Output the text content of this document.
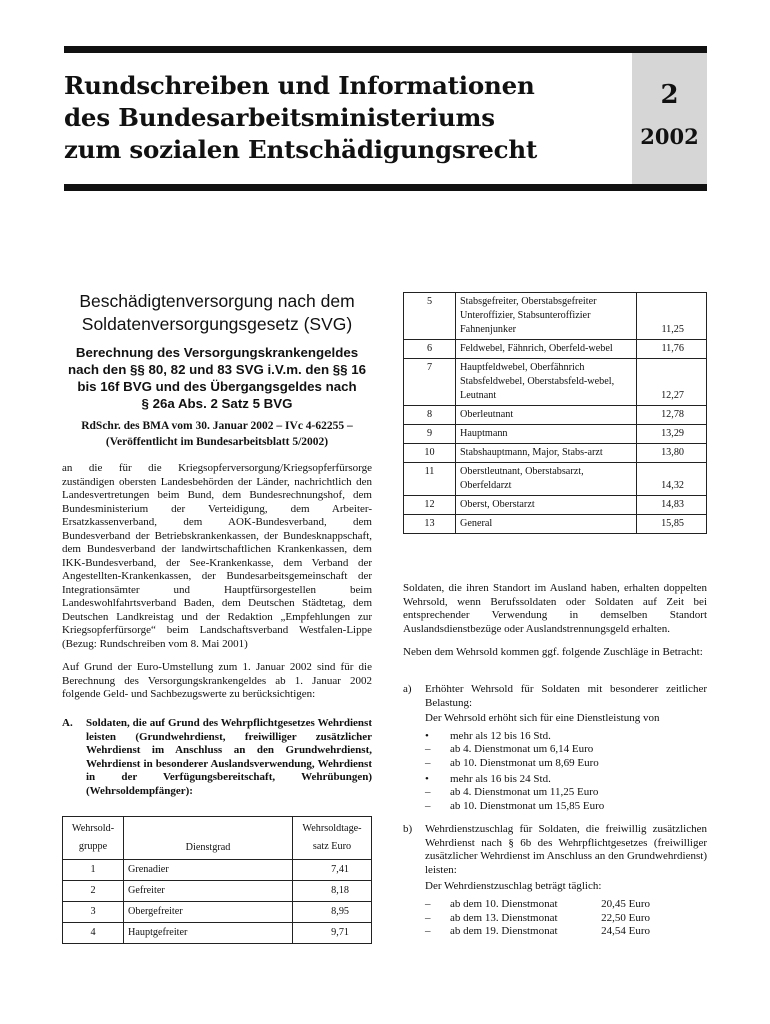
Rundschreiben und Informationen
des Bundesarbeitsministeriums
zum sozialen Entschädigungsrecht
2
2002
Beschädigtenversorgung nach dem
Soldatenversorgungsgesetz (SVG)
Berechnung des Versorgungskrankengeldes
nach den §§ 80, 82 und 83 SVG i.V.m. den §§ 16
bis 16f BVG und des Übergangsgeldes nach
§ 26a Abs. 2 Satz 5 BVG
RdSchr. des BMA vom 30. Januar 2002 – IVc 4-62255 –
(Veröffentlicht im Bundesarbeitsblatt 5/2002)
an die für die Kriegsopferversorgung/Kriegsopferfürsorge zuständigen obersten Landesbehörden der Länder, nachrichtlich den Landesvertretungen beim Bund, dem Bundesrechnungshof, dem Bundesministerium der Verteidigung, dem Arbeiter-Ersatzkassenverband, dem AOK-Bundesverband, dem Bundesverband der Betriebskrankenkassen, der Bundesknappschaft, dem Bundesverband der landwirtschaftlichen Krankenkassen, dem IKK-Bundesverband, der See-Krankenkasse, dem Verband der Angestellten-Krankenkassen, der Bundesarbeitsgemeinschaft der Integrationsämter und Hauptfürsorgestellen beim Landeswohlfahrtsverband Baden, dem Deutschen Städtetag, dem Deutschen Landkreistag und der Redaktion „Empfehlungen zur Kriegsopferfürsorge“ beim Landschaftsverband Westfalen-Lippe (Bezug: Rundschreiben vom 8. Mai 2001)
Auf Grund der Euro-Umstellung zum 1. Januar 2002 sind für die Berechnung des Versorgungskrankengeldes ab 1. Januar 2002 folgende Geld- und Sachbezugswerte zu berücksichtigen:
A.	Soldaten, die auf Grund des Wehrpflichtgesetzes Wehrdienst leisten (Grundwehrdienst, freiwilliger zusätzlicher Wehrdienst im Anschluss an den Grundwehrdienst, Wehrdienst in besonderer Auslandsverwendung, Wehrdienst in der Verfügungsbereitschaft, Wehrübungen) (Wehrsoldempfänger):
Wehrsold-gruppe	Dienstgrad	Wehrsoldtage-satz Euro
1	Grenadier	7,41
2	Gefreiter	8,18
3	Obergefreiter	8,95
4	Hauptgefreiter	9,71
5	Stabsgefreiter, Oberstabsgefreiter Unteroffizier, Stabsunteroffizier Fahnenjunker	11,25
6	Feldwebel, Fähnrich, Oberfeld-webel	11,76
7	Hauptfeldwebel, Oberfähnrich Stabsfeldwebel, Oberstabsfeld-webel, Leutnant	12,27
8	Oberleutnant	12,78
9	Hauptmann	13,29
10	Stabshauptmann, Major, Stabs-arzt	13,80
11	Oberstleutnant, Oberstabsarzt, Oberfeldarzt	14,32
12	Oberst, Oberstarzt	14,83
13	General	15,85
Soldaten, die ihren Standort im Ausland haben, erhalten doppelten Wehrsold, wenn Berufssoldaten oder Soldaten auf Zeit bei entsprechender Verwendung in demselben Standort Auslandsdienstbezüge oder Auslandstrennungsgeld erhalten.
Neben dem Wehrsold kommen ggf. folgende Zuschläge in Betracht:
a)	Erhöhter Wehrsold für Soldaten mit besonderer zeitlicher Belastung:
Der Wehrsold erhöht sich für eine Dienstleistung von
•	mehr als 12 bis 16 Std.
–	ab 4. Dienstmonat um 6,14 Euro
–	ab 10. Dienstmonat um 8,69 Euro
•	mehr als 16 bis 24 Std.
–	ab 4. Dienstmonat um 11,25 Euro
–	ab 10. Dienstmonat um 15,85 Euro
b)	Wehrdienstzuschlag für Soldaten, die freiwillig zusätzlichen Wehrdienst nach § 6b des Wehrpflichtgesetzes (freiwilliger zusätzlicher Wehrdienst im Anschluss an den Grundwehrdienst) leisten:
Der Wehrdienstzuschlag beträgt täglich:
–	ab dem 10. Dienstmonat	20,45 Euro
–	ab dem 13. Dienstmonat	22,50 Euro
–	ab dem 19. Dienstmonat	24,54 Euro
